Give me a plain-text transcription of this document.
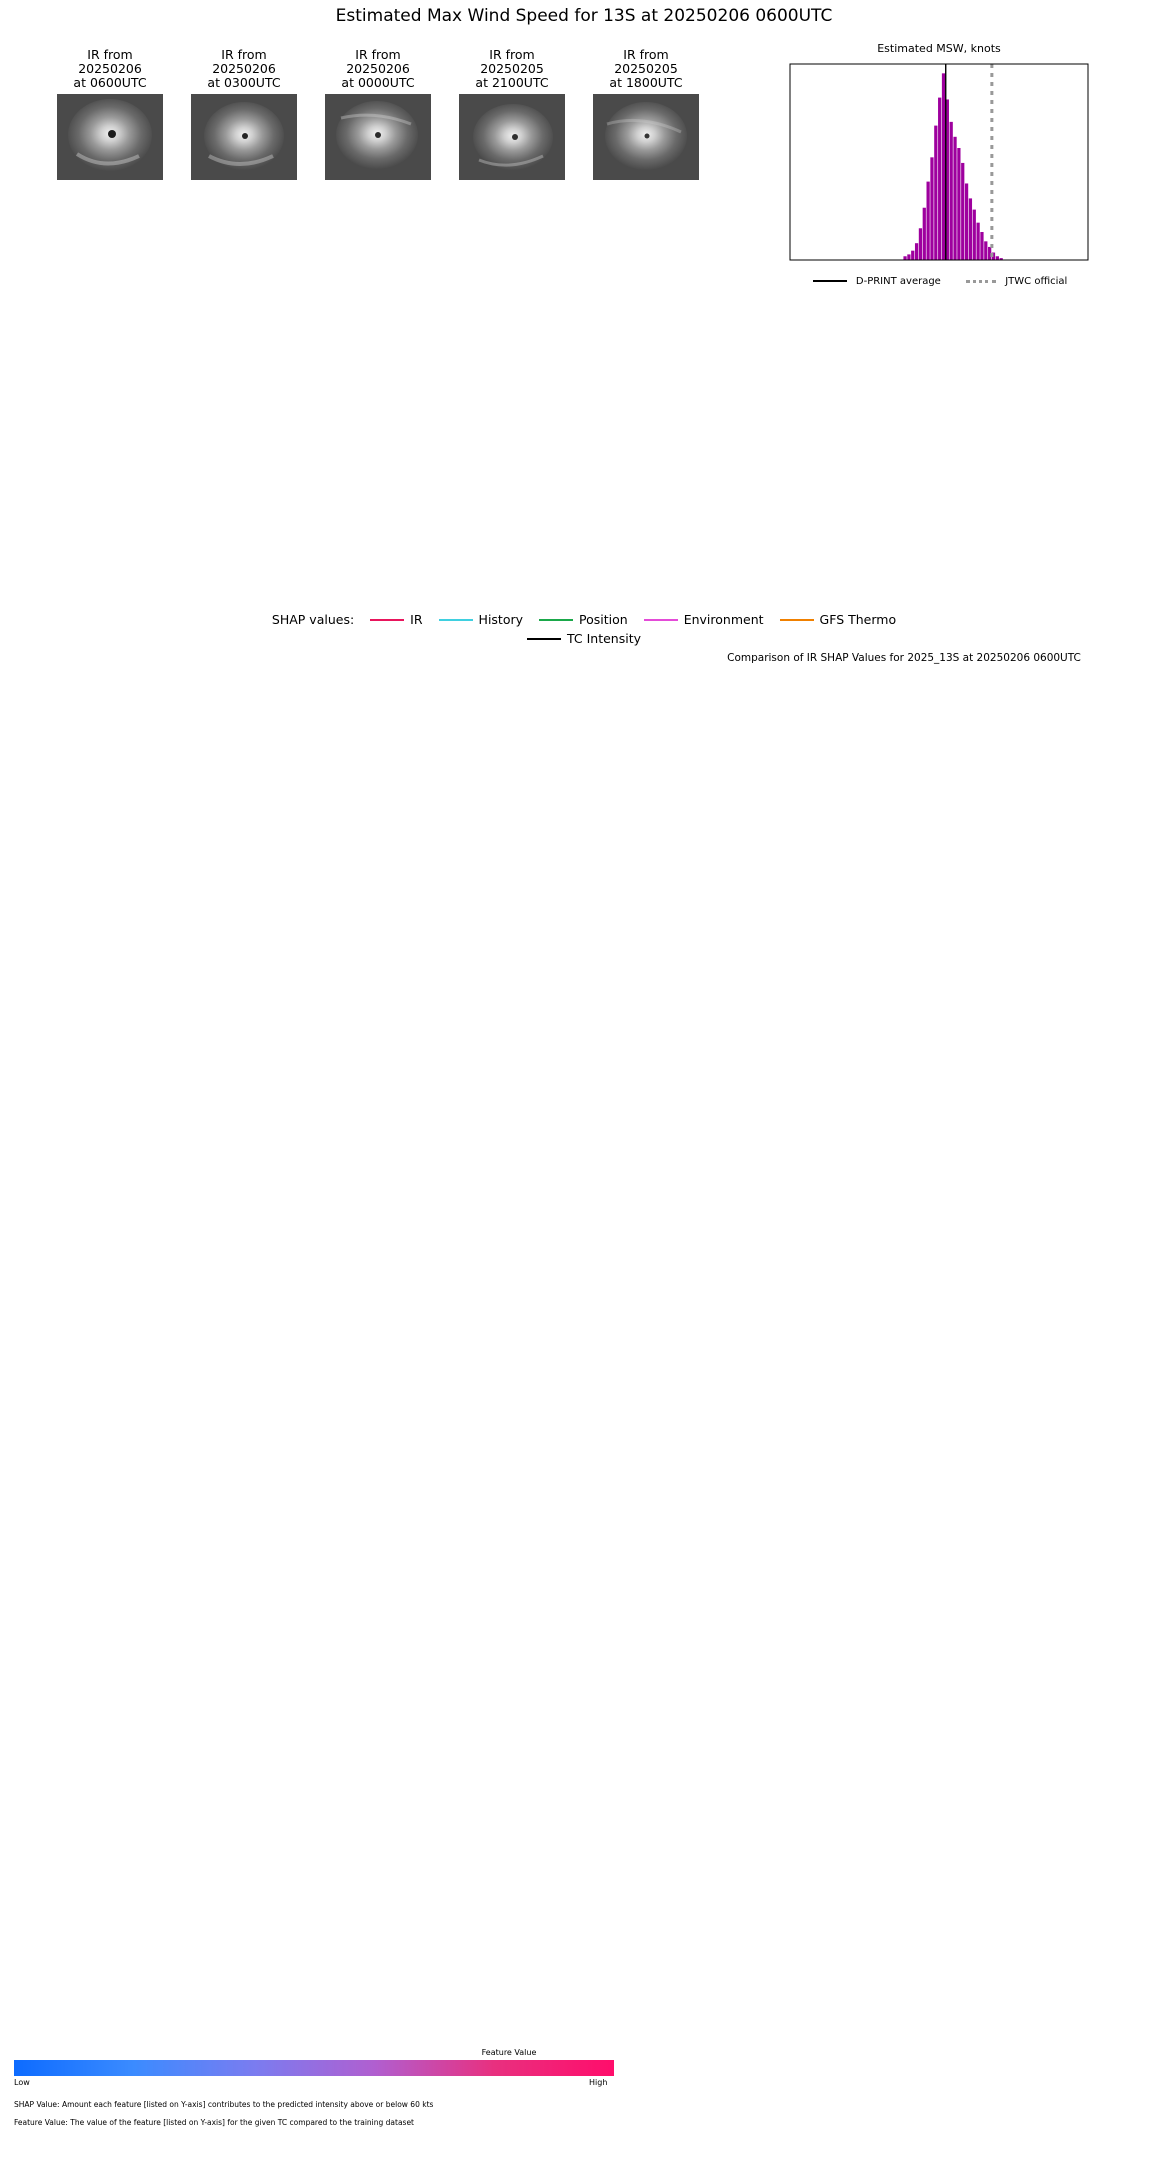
Estimated Max Wind Speed for 13S at 20250206 0600UTC
IR from
20250206
at 0600UTC
IR from
20250206
at 0300UTC
IR from
20250206
at 0000UTC
IR from
20250205
at 2100UTC
IR from
20250205
at 1800UTC
Estimated MSW, knots
D-PRINT average	JTWC official
SHAP values:	IR	History	Position	Environment	GFS Thermo
TC Intensity
Feature Value
Low	High
SHAP Value: Amount each feature [listed on Y-axis] contributes to the predicted intensity above or below 60 kts
Feature Value: The value of the feature [listed on Y-axis] for the given TC compared to the training dataset
Comparison of IR SHAP Values for 2025_13S at 20250206 0600UTC
